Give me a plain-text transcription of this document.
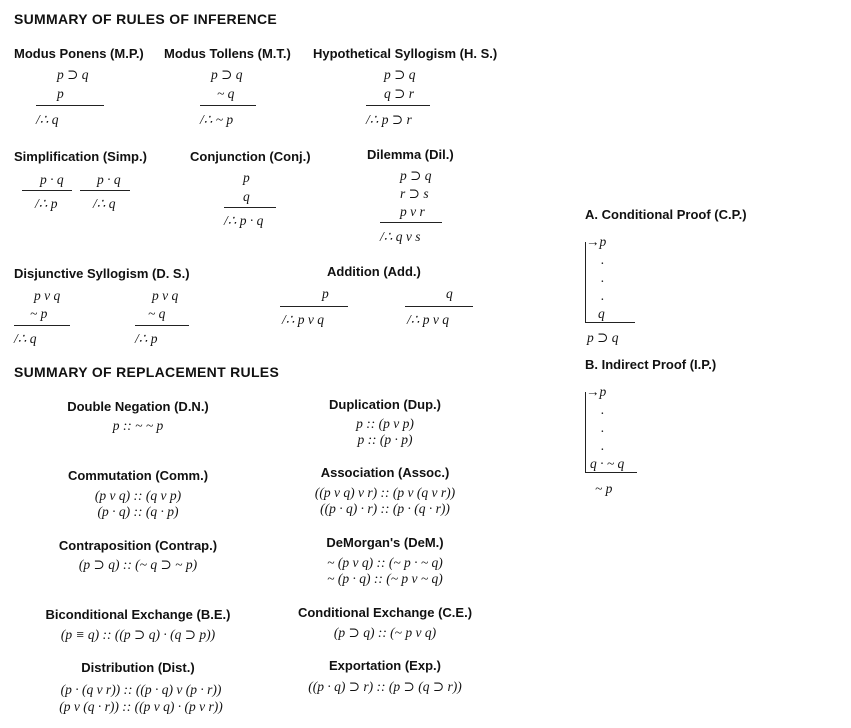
SUMMARY OF RULES OF INFERENCE
Modus Ponens (M.P.)
p ⊃ q
p
/∴ q
Modus Tollens (M.T.)
p ⊃ q
~ q
/∴ ~ p
Hypothetical Syllogism (H. S.)
p ⊃ q
q ⊃ r
/∴ p ⊃ r
Simplification (Simp.)
p · q
/∴ p
p · q
/∴ q
Conjunction (Conj.)
p
q
/∴ p · q
Dilemma (Dil.)
p ⊃ q
r ⊃ s
p v r
/∴ q v s
Disjunctive Syllogism (D. S.)
p v q
~ p
/∴ q
p v q
~ q
/∴ p
Addition (Add.)
p
/∴ p v q
q
/∴ p v q
SUMMARY OF REPLACEMENT RULES
Double Negation (D.N.)
p :: ~ ~ p
Duplication (Dup.)
p :: (p v p)
p :: (p · p)
Commutation (Comm.)
(p v q) :: (q v p)
(p · q) :: (q · p)
Association (Assoc.)
((p v q) v r) :: (p v (q v r))
((p · q) · r) :: (p · (q · r))
Contraposition (Contrap.)
(p ⊃ q) :: (~ q ⊃ ~ p)
DeMorgan's (DeM.)
~ (p v q) :: (~ p · ~ q)
~ (p · q) :: (~ p v ~ q)
Biconditional Exchange (B.E.)
(p ≡ q) :: ((p ⊃ q) · (q ⊃ p))
Conditional Exchange (C.E.)
(p ⊃ q) :: (~ p v q)
Distribution (Dist.)
(p · (q v r)) :: ((p · q) v (p · r))
(p v (q · r)) :: ((p v q) · (p v r))
Exportation (Exp.)
((p · q) ⊃ r) :: (p ⊃ (q ⊃ r))
A. Conditional Proof (C.P.)
→p
.
.
.
q
p ⊃ q
B. Indirect Proof (I.P.)
→p
.
.
.
q · ~ q
~ p
